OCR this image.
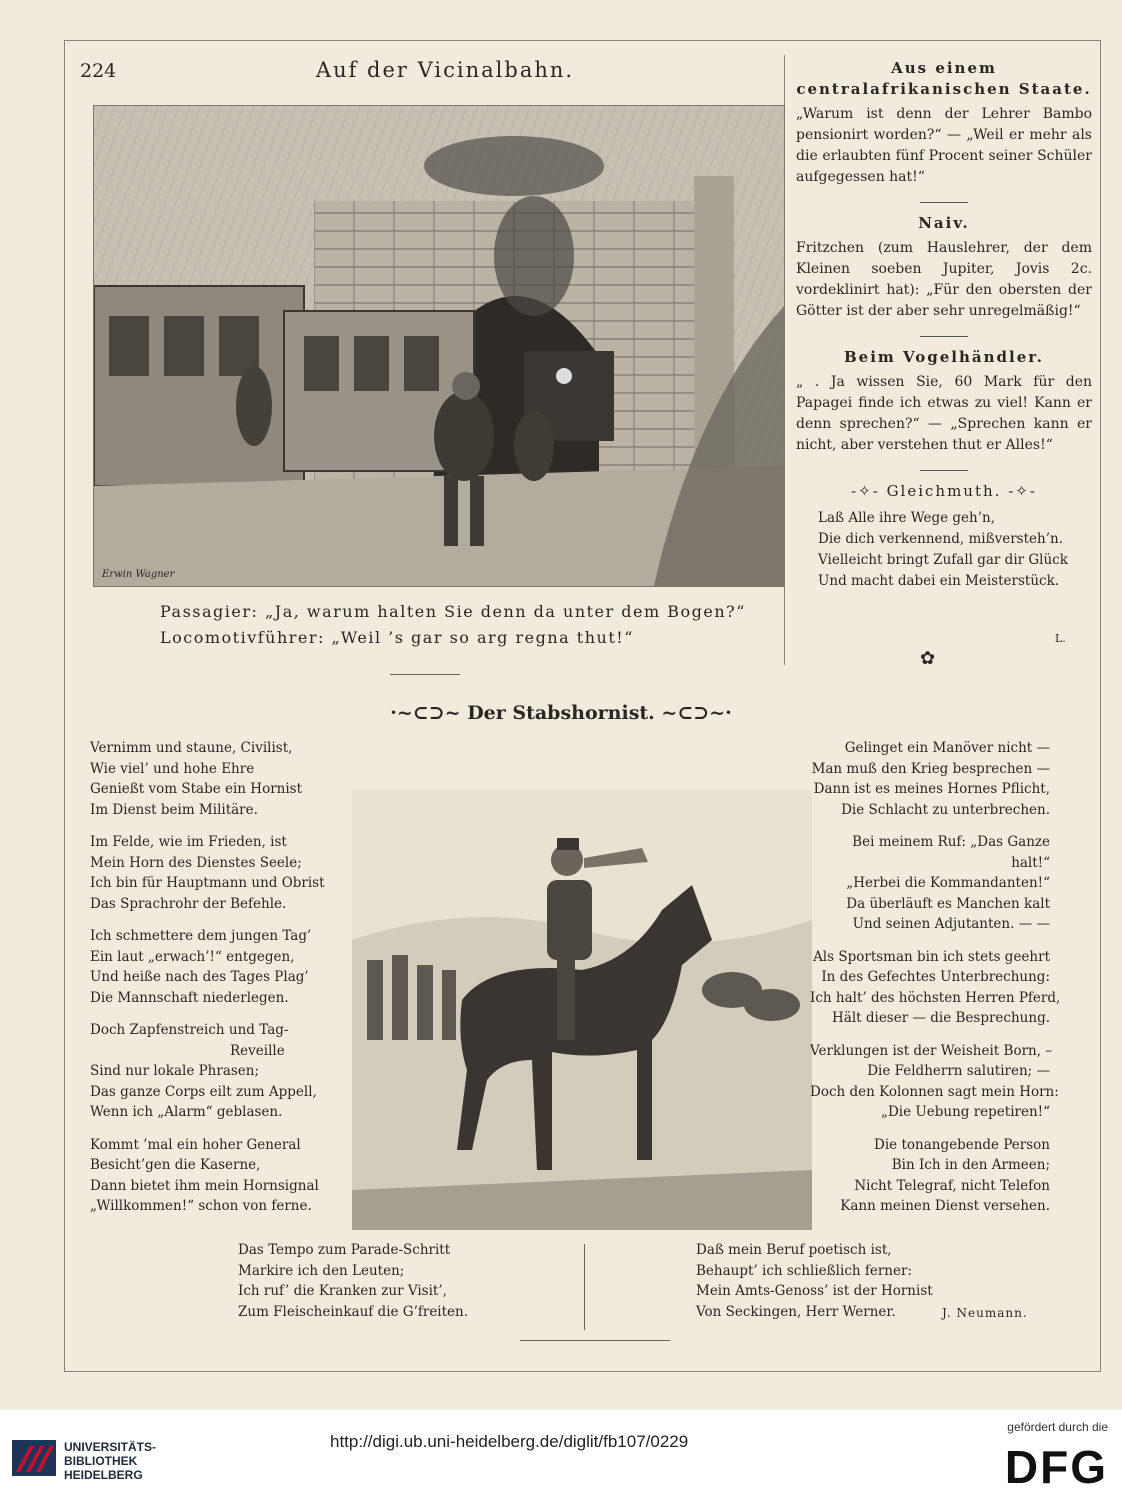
224	Auf der Vicinalbahn.
Erwin Wagner
Passagier: „Ja, warum halten Sie denn da unter dem Bogen?“
Locomotivführer: „Weil ’s gar so arg regna thut!“
Aus einem centralafrikanischen Staate.

„Warum ist denn der Lehrer Bambo pensionirt worden?“ — „Weil er mehr als die erlaubten fünf Procent seiner Schüler aufgegessen hat!“

Naiv.

Fritzchen (zum Hauslehrer, der dem Kleinen soeben Jupiter, Jovis 2c. vordeklinirt hat): „Für den obersten der Götter ist der aber sehr unregelmäßig!“

Beim Vogelhändler.

„ . Ja wissen Sie, 60 Mark für den Papagei finde ich etwas zu viel! Kann er denn sprechen?“ — „Sprechen kann er nicht, aber verstehen thut er Alles!“

-✧- Gleichmuth. -✧-
Laß Alle ihre Wege geh’n,
Die dich verkennend, mißversteh’n.
Vielleicht bringt Zufall gar dir Glück
Und macht dabei ein Meisterstück.
L.
✿
·~⊂⊃~ Der Stabshornist. ~⊂⊃~·
Vernimm und staune, Civilist,
Wie viel’ und hohe Ehre
Genießt vom Stabe ein Hornist
Im Dienst beim Militäre.
Im Felde, wie im Frieden, ist
Mein Horn des Dienstes Seele;
Ich bin für Hauptmann und Obrist
Das Sprachrohr der Befehle.
Ich schmettere dem jungen Tag’
Ein laut „erwach’!“ entgegen,
Und heiße nach des Tages Plag’
Die Mannschaft niederlegen.
Doch Zapfenstreich und Tag-
Reveille
Sind nur lokale Phrasen;
Das ganze Corps eilt zum Appell,
Wenn ich „Alarm“ geblasen.
Kommt ’mal ein hoher General
Besicht’gen die Kaserne,
Dann bietet ihm mein Hornsignal
„Willkommen!“ schon von ferne.
Gelinget ein Manöver nicht —
Man muß den Krieg besprechen —
Dann ist es meines Hornes Pflicht,
Die Schlacht zu unterbrechen.
Bei meinem Ruf: „Das Ganze
halt!“
„Herbei die Kommandanten!“
Da überläuft es Manchen kalt
Und seinen Adjutanten. — —
Als Sportsman bin ich stets geehrt
In des Gefechtes Unterbrechung:
Ich halt’ des höchsten Herren Pferd,
Hält dieser — die Besprechung.
Verklungen ist der Weisheit Born, –
Die Feldherrn salutiren; —
Doch den Kolonnen sagt mein Horn:
„Die Uebung repetiren!“
Die tonangebende Person
Bin Ich in den Armeen;
Nicht Telegraf, nicht Telefon
Kann meinen Dienst versehen.
Das Tempo zum Parade-Schritt
Markire ich den Leuten;
Ich ruf’ die Kranken zur Visit’,
Zum Fleischeinkauf die G’freiten.
Daß mein Beruf poetisch ist,
Behaupt’ ich schließlich ferner:
Mein Amts-Genoss’ ist der Hornist
Von Seckingen, Herr Werner.	J. Neumann.
UNIVERSITÄTS-
BIBLIOTHEK
HEIDELBERG
http://digi.ub.uni-heidelberg.de/diglit/fb107/0229
gefördert durch die
DFG
